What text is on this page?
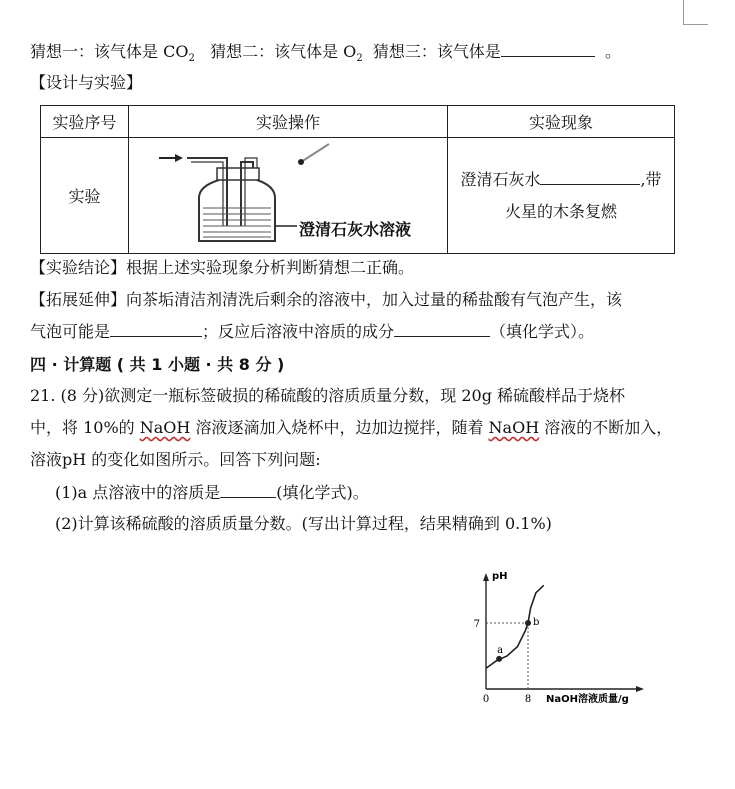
猜想一：该气体是 $CO_2$ 猜想二：该气体是 $O_2$ 猜想三：该气体是	。
【设计与实验】
实验序号	实验操作	实验现象
实验	澄清石灰水溶液	澄清石灰水 ,带
火星的木条复燃
【实验结论】根据上述实验现象分析判断猜想二正确。
【拓展延伸】向茶垢清洁剂清洗后剩余的溶液中，加入过量的稀盐酸有气泡产生，该
气泡可能是	；反应后溶液中溶质的成分	（填化学式）。
四 · 计算题 ( 共 1 小题 · 共 8 分 )
21. (8 分)欲测定一瓶标签破损的稀硫酸的溶质质量分数，现 20g 稀硫酸样品于烧杯
中，将 10%的 NaOH 溶液逐滴加入烧杯中，边加边搅拌，随着 NaOH 溶液的不断加入，
溶液pH 的变化如图所示。回答下列问题:
(1)a 点溶液中的溶质是	(填化学式)。
(2)计算该稀硫酸的溶质质量分数。(写出计算过程，结果精确到 0.1%)
pH
NaOH溶液质量/g
0	8
7
a
b
